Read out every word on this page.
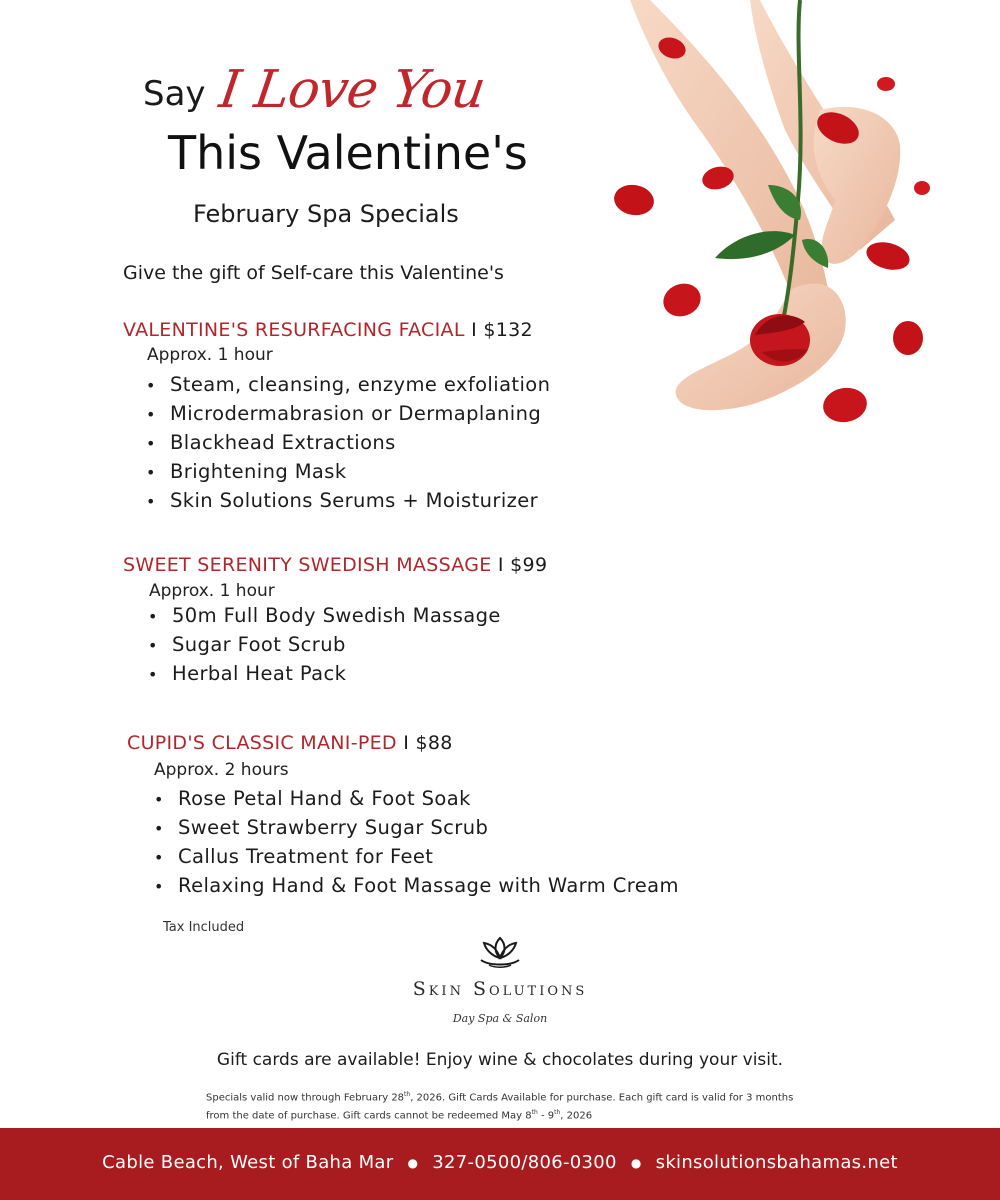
Say I Love You
This Valentine's
February Spa Specials
Give the gift of Self-care this Valentine's
VALENTINE'S RESURFACING FACIAL I $132
Approx. 1 hour
• Steam, cleansing, enzyme exfoliation
• Microdermabrasion or Dermaplaning
• Blackhead Extractions
• Brightening Mask
• Skin Solutions Serums + Moisturizer
SWEET SERENITY SWEDISH MASSAGE I $99
Approx. 1 hour
• 50m Full Body Swedish Massage
• Sugar Foot Scrub
• Herbal Heat Pack
CUPID'S CLASSIC MANI-PED I $88
Approx. 2 hours
• Rose Petal Hand & Foot Soak
• Sweet Strawberry Sugar Scrub
• Callus Treatment for Feet
• Relaxing Hand & Foot Massage with Warm Cream
Tax Included
Skin Solutions
Day Spa & Salon
Gift cards are available! Enjoy wine & chocolates during your visit.
Specials valid now through February 28th, 2026. Gift Cards Available for purchase. Each gift card is valid for 3 months from the date of purchase. Gift cards cannot be redeemed May 8th - 9th, 2026
Cable Beach, West of Baha Mar ● 327-0500/806-0300 ● skinsolutionsbahamas.net
